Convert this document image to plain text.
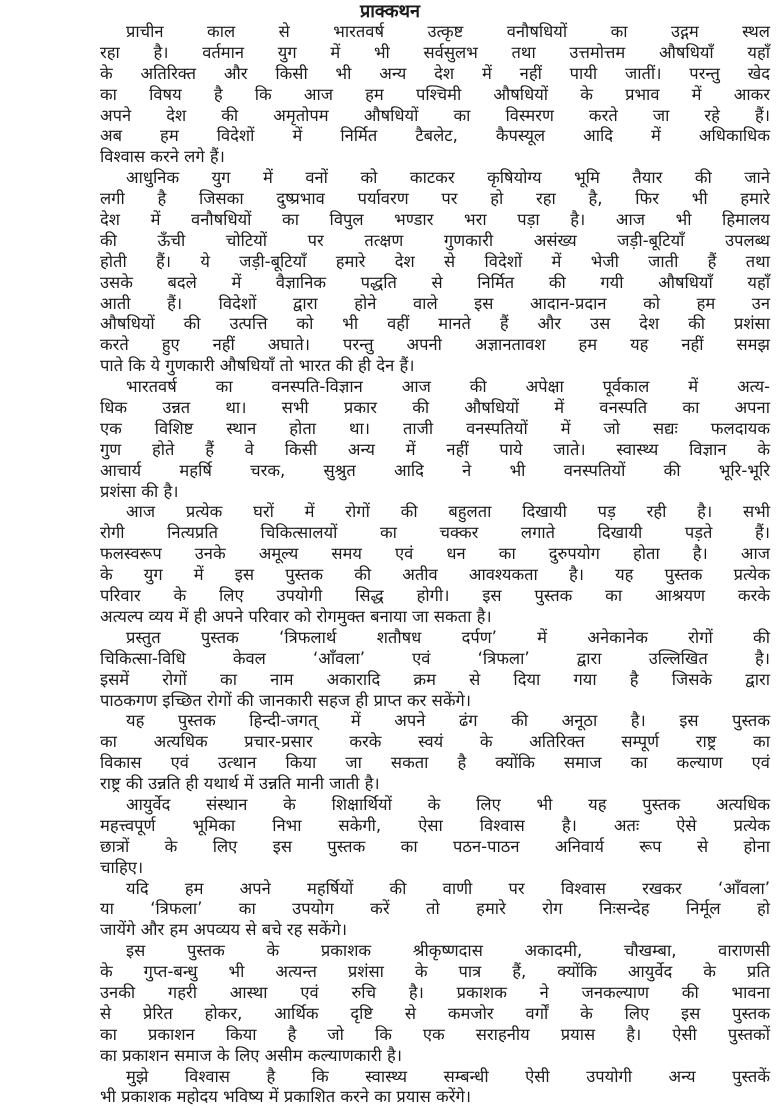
प्राक्कथन
प्राचीन काल से भारतवर्ष उत्कृष्ट वनौषधियों का उद्गम स्थल
रहा है। वर्तमान युग में भी सर्वसुलभ तथा उत्तमोत्तम औषधियाँ यहाँ
के अतिरिक्त और किसी भी अन्य देश में नहीं पायी जातीं। परन्तु खेद
का विषय है कि आज हम पश्चिमी औषधियों के प्रभाव में आकर
अपने देश की अमृतोपम औषधियों का विस्मरण करते जा रहे हैं।
अब हम विदेशों में निर्मित टैबलेट, कैपस्यूल आदि में अधिकाधिक
विश्वास करने लगे हैं।
आधुनिक युग में वनों को काटकर कृषियोग्य भूमि तैयार की जाने
लगी है जिसका दुष्प्रभाव पर्यावरण पर हो रहा है, फिर भी हमारे
देश में वनौषधियों का विपुल भण्डार भरा पड़ा है। आज भी हिमालय
की ऊँची चोटियों पर तत्क्षण गुणकारी असंख्य जड़ी-बूटियाँ उपलब्ध
होती हैं। ये जड़ी-बूटियाँ हमारे देश से विदेशों में भेजी जाती हैं तथा
उसके बदले में वैज्ञानिक पद्धति से निर्मित की गयी औषधियाँ यहाँ
आती हैं। विदेशों द्वारा होने वाले इस आदान-प्रदान को हम उन
औषधियों की उत्पत्ति को भी वहीं मानते हैं और उस देश की प्रशंसा
करते हुए नहीं अघाते। परन्तु अपनी अज्ञानतावश हम यह नहीं समझ
पाते कि ये गुणकारी औषधियाँ तो भारत की ही देन हैं।
भारतवर्ष का वनस्पति-विज्ञान आज की अपेक्षा पूर्वकाल में अत्य-
धिक उन्नत था। सभी प्रकार की औषधियों में वनस्पति का अपना
एक विशिष्ट स्थान होता था। ताजी वनस्पतियों में जो सद्यः फलदायक
गुण होते हैं वे किसी अन्य में नहीं पाये जाते। स्वास्थ्य विज्ञान के
आचार्य महर्षि चरक, सुश्रुत आदि ने भी वनस्पतियों की भूरि-भूरि
प्रशंसा की है।
आज प्रत्येक घरों में रोगों की बहुलता दिखायी पड़ रही है। सभी
रोगी नित्यप्रति चिकित्सालयों का चक्कर लगाते दिखायी पड़ते हैं।
फलस्वरूप उनके अमूल्य समय एवं धन का दुरुपयोग होता है। आज
के युग में इस पुस्तक की अतीव आवश्यकता है। यह पुस्तक प्रत्येक
परिवार के लिए उपयोगी सिद्ध होगी। इस पुस्तक का आश्रयण करके
अत्यल्प व्यय में ही अपने परिवार को रोगमुक्त बनाया जा सकता है।
प्रस्तुत पुस्तक ‘त्रिफलार्थ शतौषध दर्पण’ में अनेकानेक रोगों की
चिकित्सा-विधि केवल ‘आँवला’ एवं ‘त्रिफला’ द्वारा उल्लिखित है।
इसमें रोगों का नाम अकारादि क्रम से दिया गया है जिसके द्वारा
पाठकगण इच्छित रोगों की जानकारी सहज ही प्राप्त कर सकेंगे।
यह पुस्तक हिन्दी-जगत् में अपने ढंग की अनूठा है। इस पुस्तक
का अत्यधिक प्रचार-प्रसार करके स्वयं के अतिरिक्त सम्पूर्ण राष्ट्र का
विकास एवं उत्थान किया जा सकता है क्योंकि समाज का कल्याण एवं
राष्ट्र की उन्नति ही यथार्थ में उन्नति मानी जाती है।
आयुर्वेद संस्थान के शिक्षार्थियों के लिए भी यह पुस्तक अत्यधिक
महत्त्वपूर्ण भूमिका निभा सकेगी, ऐसा विश्वास है। अतः ऐसे प्रत्येक
छात्रों के लिए इस पुस्तक का पठन-पाठन अनिवार्य रूप से होना
चाहिए।
यदि हम अपने महर्षियों की वाणी पर विश्वास रखकर ‘आँवला’
या ‘त्रिफला’ का उपयोग करें तो हमारे रोग निःसन्देह निर्मूल हो
जायेंगे और हम अपव्यय से बचे रह सकेंगे।
इस पुस्तक के प्रकाशक श्रीकृष्णदास अकादमी, चौखम्बा, वाराणसी
के गुप्त-बन्धु भी अत्यन्त प्रशंसा के पात्र हैं, क्योंकि आयुर्वेद के प्रति
उनकी गहरी आस्था एवं रुचि है। प्रकाशक ने जनकल्याण की भावना
से प्रेरित होकर, आर्थिक दृष्टि से कमजोर वर्गों के लिए इस पुस्तक
का प्रकाशन किया है जो कि एक सराहनीय प्रयास है। ऐसी पुस्तकों
का प्रकाशन समाज के लिए असीम कल्याणकारी है।
मुझे विश्वास है कि स्वास्थ्य सम्बन्धी ऐसी उपयोगी अन्य पुस्तकें
भी प्रकाशक महोदय भविष्य में प्रकाशित करने का प्रयास करेंगे।
